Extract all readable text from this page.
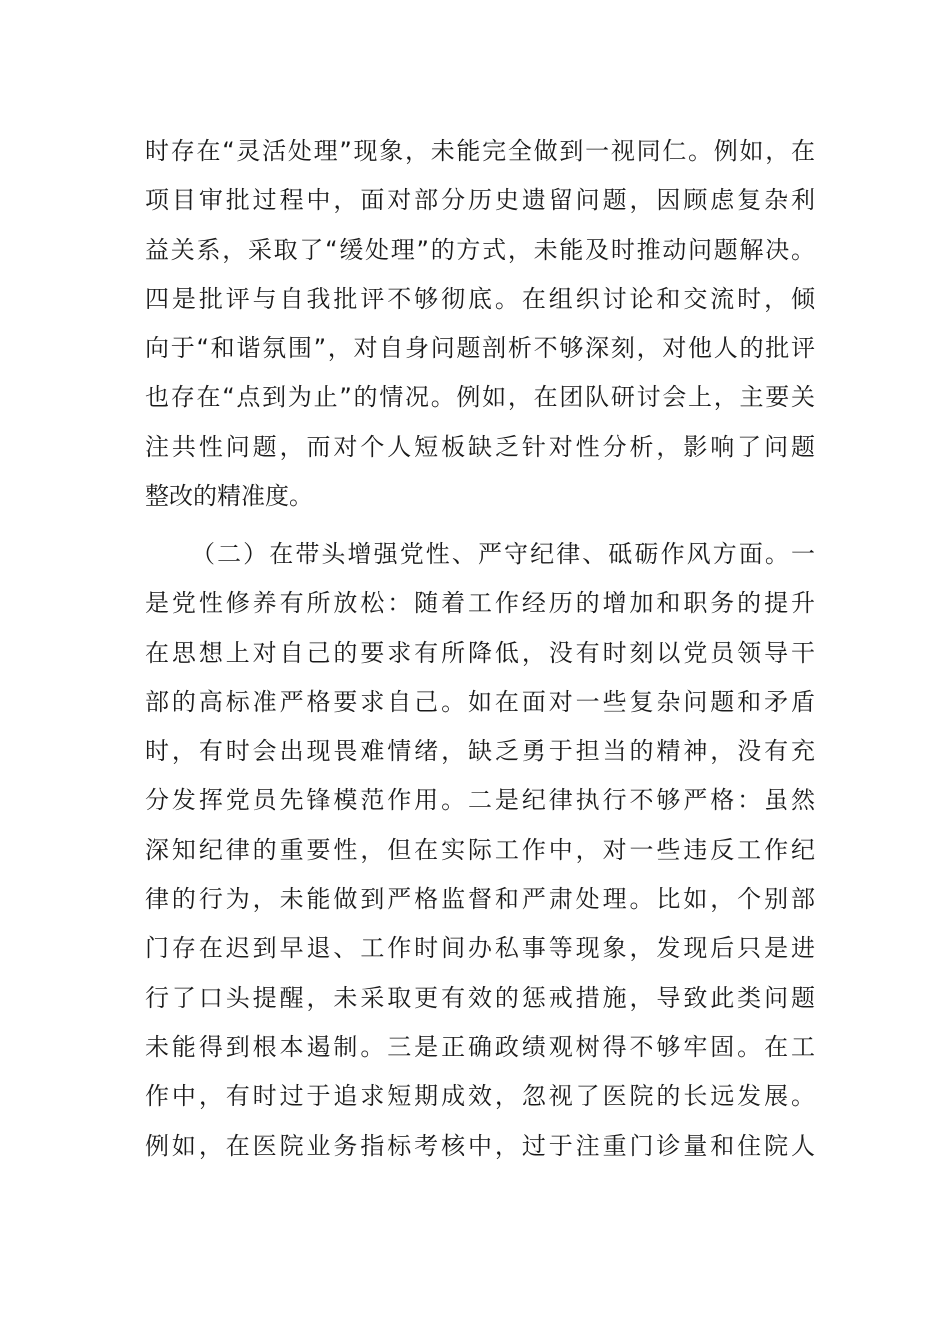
时存在“灵活处理”现象，未能完全做到一视同仁。例如，在
项目审批过程中，面对部分历史遗留问题，因顾虑复杂利
益关系，采取了“缓处理”的方式，未能及时推动问题解决。
四是批评与自我批评不够彻底。在组织讨论和交流时，倾
向于“和谐氛围”，对自身问题剖析不够深刻，对他人的批评
也存在“点到为止”的情况。例如，在团队研讨会上，主要关
注共性问题，而对个人短板缺乏针对性分析，影响了问题
整改的精准度。
（二）在带头增强党性、严守纪律、砥砺作风方面。一
是党性修养有所放松：随着工作经历的增加和职务的提升
在思想上对自己的要求有所降低，没有时刻以党员领导干
部的高标准严格要求自己。如在面对一些复杂问题和矛盾
时，有时会出现畏难情绪，缺乏勇于担当的精神，没有充
分发挥党员先锋模范作用。二是纪律执行不够严格：虽然
深知纪律的重要性，但在实际工作中，对一些违反工作纪
律的行为，未能做到严格监督和严肃处理。比如，个别部
门存在迟到早退、工作时间办私事等现象，发现后只是进
行了口头提醒，未采取更有效的惩戒措施，导致此类问题
未能得到根本遏制。三是正确政绩观树得不够牢固。在工
作中，有时过于追求短期成效，忽视了医院的长远发展。
例如，在医院业务指标考核中，过于注重门诊量和住院人
